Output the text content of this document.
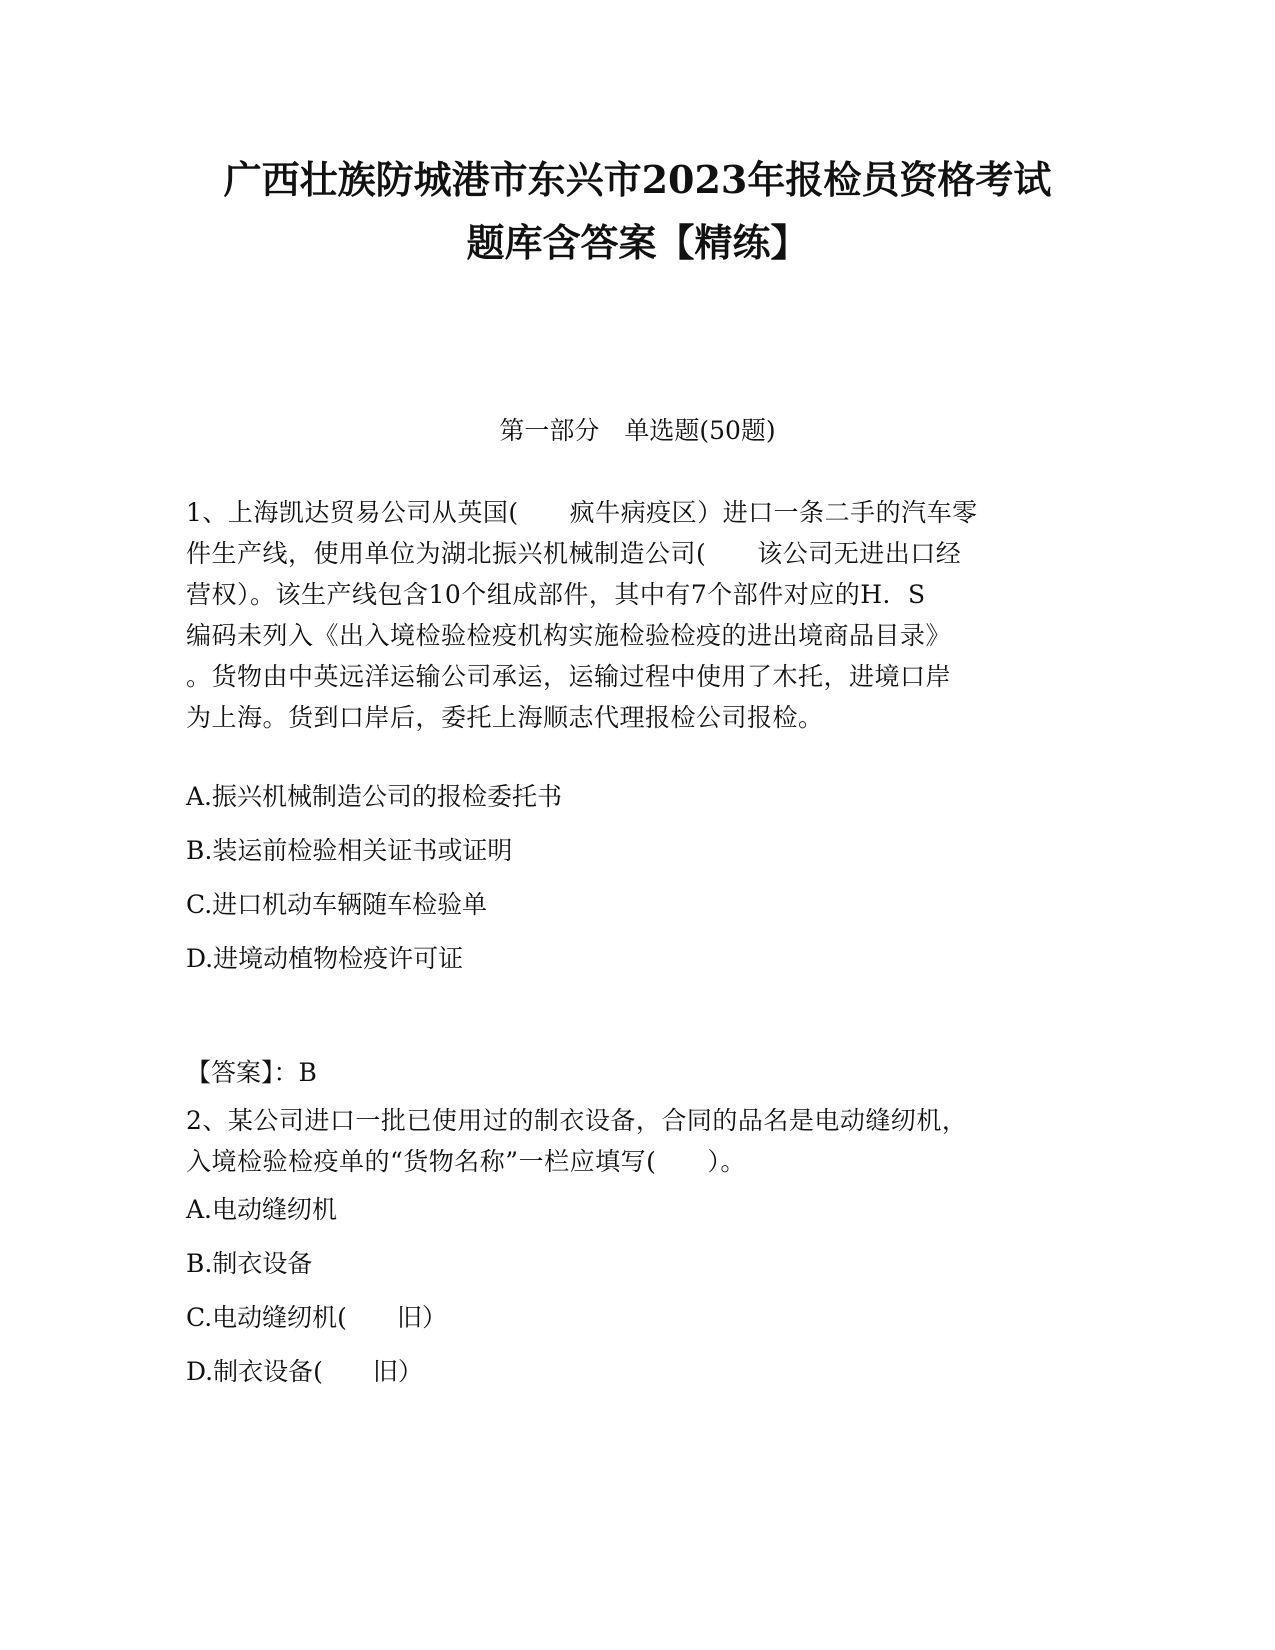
广西壮族防城港市东兴市2023年报检员资格考试
题库含答案【精练】
第一部分　单选题(50题)
1、上海凯达贸易公司从英国(　　疯牛病疫区）进口一条二手的汽车零
件生产线，使用单位为湖北振兴机械制造公司(　　该公司无进出口经
营权）。该生产线包含10个组成部件，其中有7个部件对应的H．S
编码未列入《出入境检验检疫机构实施检验检疫的进出境商品目录》
。货物由中英远洋运输公司承运，运输过程中使用了木托，进境口岸
为上海。货到口岸后，委托上海顺志代理报检公司报检。
A.振兴机械制造公司的报检委托书
B.装运前检验相关证书或证明
C.进口机动车辆随车检验单
D.进境动植物检疫许可证
【答案】：B
2、某公司进口一批已使用过的制衣设备，合同的品名是电动缝纫机，
入境检验检疫单的“货物名称”一栏应填写(　　）。
A.电动缝纫机
B.制衣设备
C.电动缝纫机(　　旧）
D.制衣设备(　　旧）
